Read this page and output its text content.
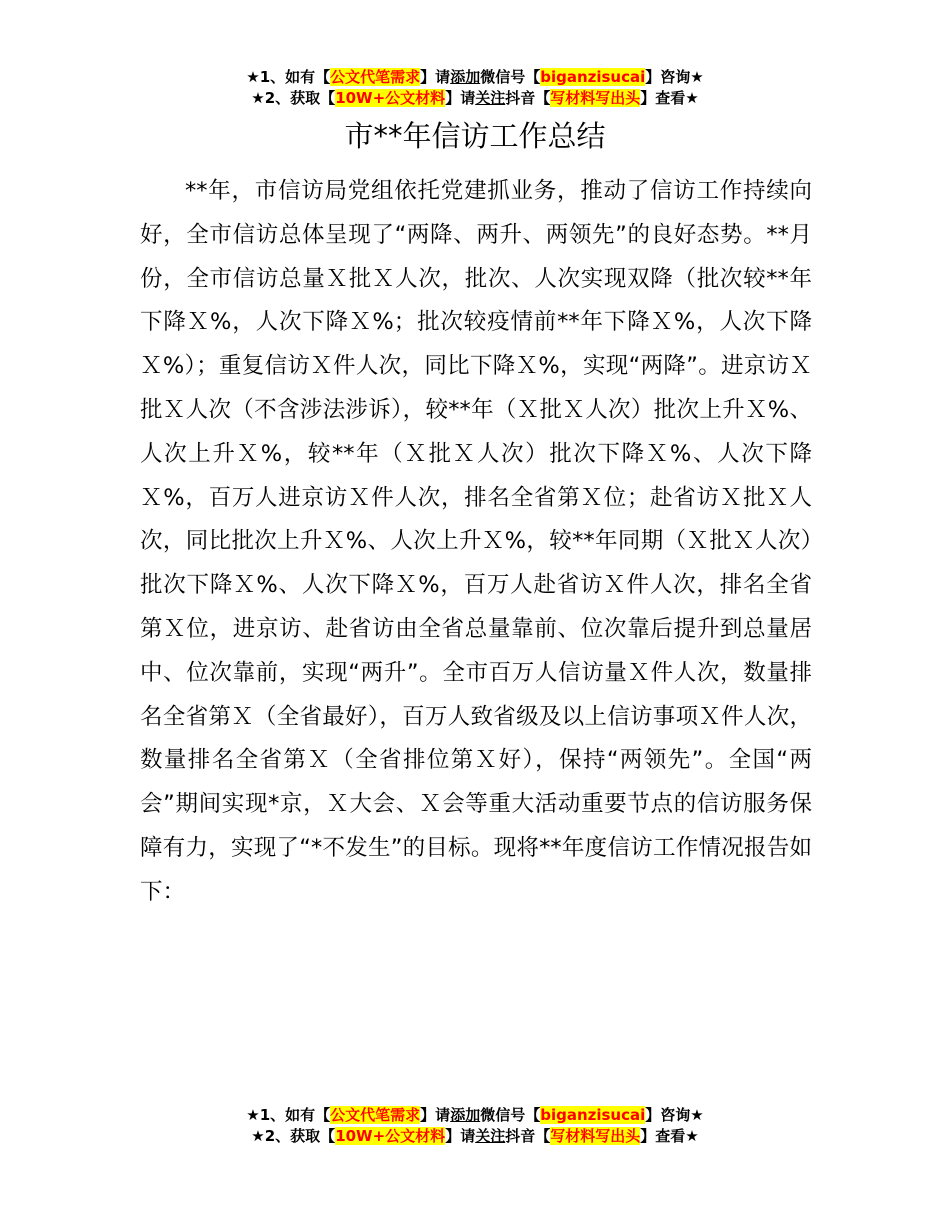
★1、如有【公文代笔需求】请添加微信号【biganzisucai】咨询★
★2、获取【10W+公文材料】请关注抖音【写材料写出头】查看★
市**年信访工作总结

**年，市信访局党组依托党建抓业务，推动了信访工作持续向好，全市信访总体呈现了“两降、两升、两领先”的良好态势。**月份，全市信访总量Ｘ批Ｘ人次，批次、人次实现双降（批次较**年下降Ｘ%，人次下降Ｘ%；批次较疫情前**年下降Ｘ%，人次下降Ｘ%）；重复信访Ｘ件人次，同比下降Ｘ%，实现“两降”。进京访Ｘ批Ｘ人次（不含涉法涉诉），较**年（Ｘ批Ｘ人次）批次上升Ｘ%、人次上升Ｘ%，较**年（Ｘ批Ｘ人次）批次下降Ｘ%、人次下降Ｘ%，百万人进京访Ｘ件人次，排名全省第Ｘ位；赴省访Ｘ批Ｘ人次，同比批次上升Ｘ%、人次上升Ｘ%，较**年同期（Ｘ批Ｘ人次）批次下降Ｘ%、人次下降Ｘ%，百万人赴省访Ｘ件人次，排名全省第Ｘ位，进京访、赴省访由全省总量靠前、位次靠后提升到总量居中、位次靠前，实现“两升”。全市百万人信访量Ｘ件人次，数量排名全省第Ｘ（全省最好），百万人致省级及以上信访事项Ｘ件人次，数量排名全省第Ｘ（全省排位第Ｘ好），保持“两领先”。全国“两会”期间实现*京，Ｘ大会、Ｘ会等重大活动重要节点的信访服务保障有力，实现了“*不发生”的目标。现将**年度信访工作情况报告如下：

★1、如有【公文代笔需求】请添加微信号【biganzisucai】咨询★
★2、获取【10W+公文材料】请关注抖音【写材料写出头】查看★
